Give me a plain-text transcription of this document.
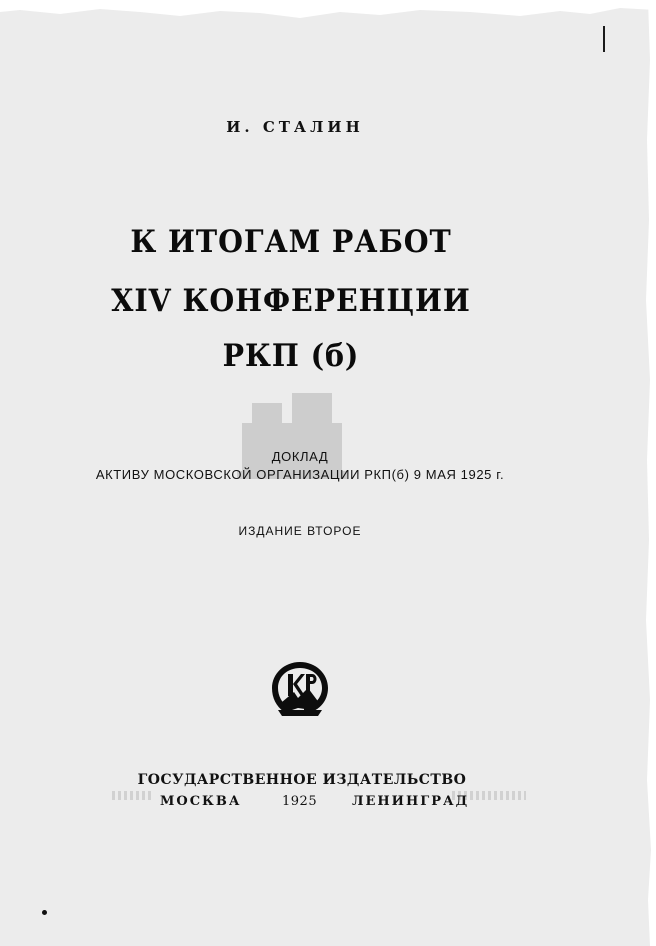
И. СТАЛИН
К ИТОГАМ РАБОТ
XIV КОНФЕРЕНЦИИ
РКП (б)
ДОКЛАД
АКТИВУ МОСКОВСКОЙ ОРГАНИЗАЦИИ РКП(б) 9 МАЯ 1925 г.
ИЗДАНИЕ ВТОРОЕ
ГОСУДАРСТВЕННОЕ ИЗДАТЕЛЬСТВО
МОСКВА	1925	ЛЕНИНГРАД
